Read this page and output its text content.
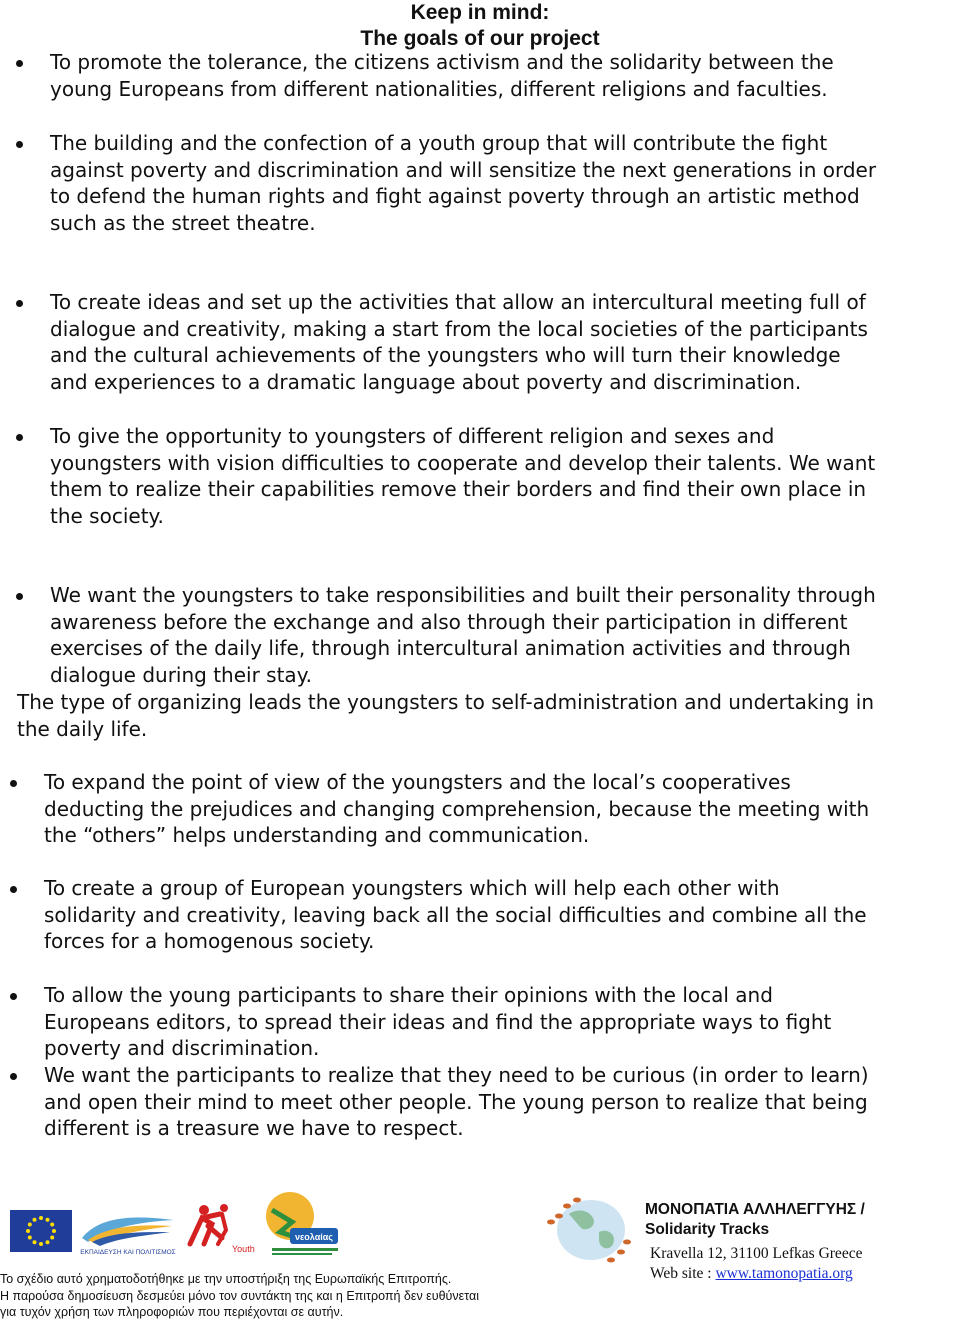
Keep in mind:
The goals of our project
To promote the tolerance, the citizens activism and the solidarity between the
young Europeans from different nationalities, different religions and faculties.
The building and the confection of a youth group that will contribute the fight
against poverty and discrimination and will sensitize the next generations in order
to defend the human rights and fight against poverty through an artistic method
such as the street theatre.
To create ideas and set up the activities that allow an intercultural meeting full of
dialogue and creativity, making a start from the local societies of the participants
and the cultural achievements of the youngsters who will turn their knowledge
and experiences to a dramatic language about poverty and discrimination.
To give the opportunity to youngsters of different religion and sexes and
youngsters with vision difficulties to cooperate and develop their talents. We want
them to realize their capabilities remove their borders and find their own place in
the society.
We want the youngsters to take responsibilities and built their personality through
awareness before the exchange and also through their participation in different
exercises of the daily life, through intercultural animation activities and through
dialogue during their stay.
The type of organizing leads the youngsters to self-administration and undertaking in
the daily life.
To expand the point of view of the youngsters and the local’s cooperatives
deducting the prejudices and changing comprehension, because the meeting with
the “others” helps understanding and communication.
To create a group of European youngsters which will help each other with
solidarity and creativity, leaving back all the social difficulties and combine all the
forces for a homogenous society.
To allow the young participants to share their opinions with the local and
Europeans editors, to spread their ideas and find the appropriate ways to fight
poverty and discrimination.
We want the participants to realize that they need to be curious (in order to learn)
and open their mind to meet other people. The young person to realize that being
different is a treasure we have to respect.
ΕΚΠΑΙΔΕΥΣΗ ΚΑΙ ΠΟΛΙΤΙΣΜΟΣ	Youth
νεολαίας
Το σχέδιο αυτό χρηματοδοτήθηκε με την υποστήριξη της Ευρωπαϊκής Επιτροπής.
Η παρούσα δημοσίευση δεσμεύει μόνο τον συντάκτη της και η Επιτροπή δεν ευθύνεται
για τυχόν χρήση των πληροφοριών που περιέχονται σε αυτήν.
ΜΟΝΟΠΑΤΙΑ ΑΛΛΗΛΕΓΓΥΗΣ /
Solidarity Tracks
Kravella 12, 31100 Lefkas Greece
Web site : www.tamonopatia.org
